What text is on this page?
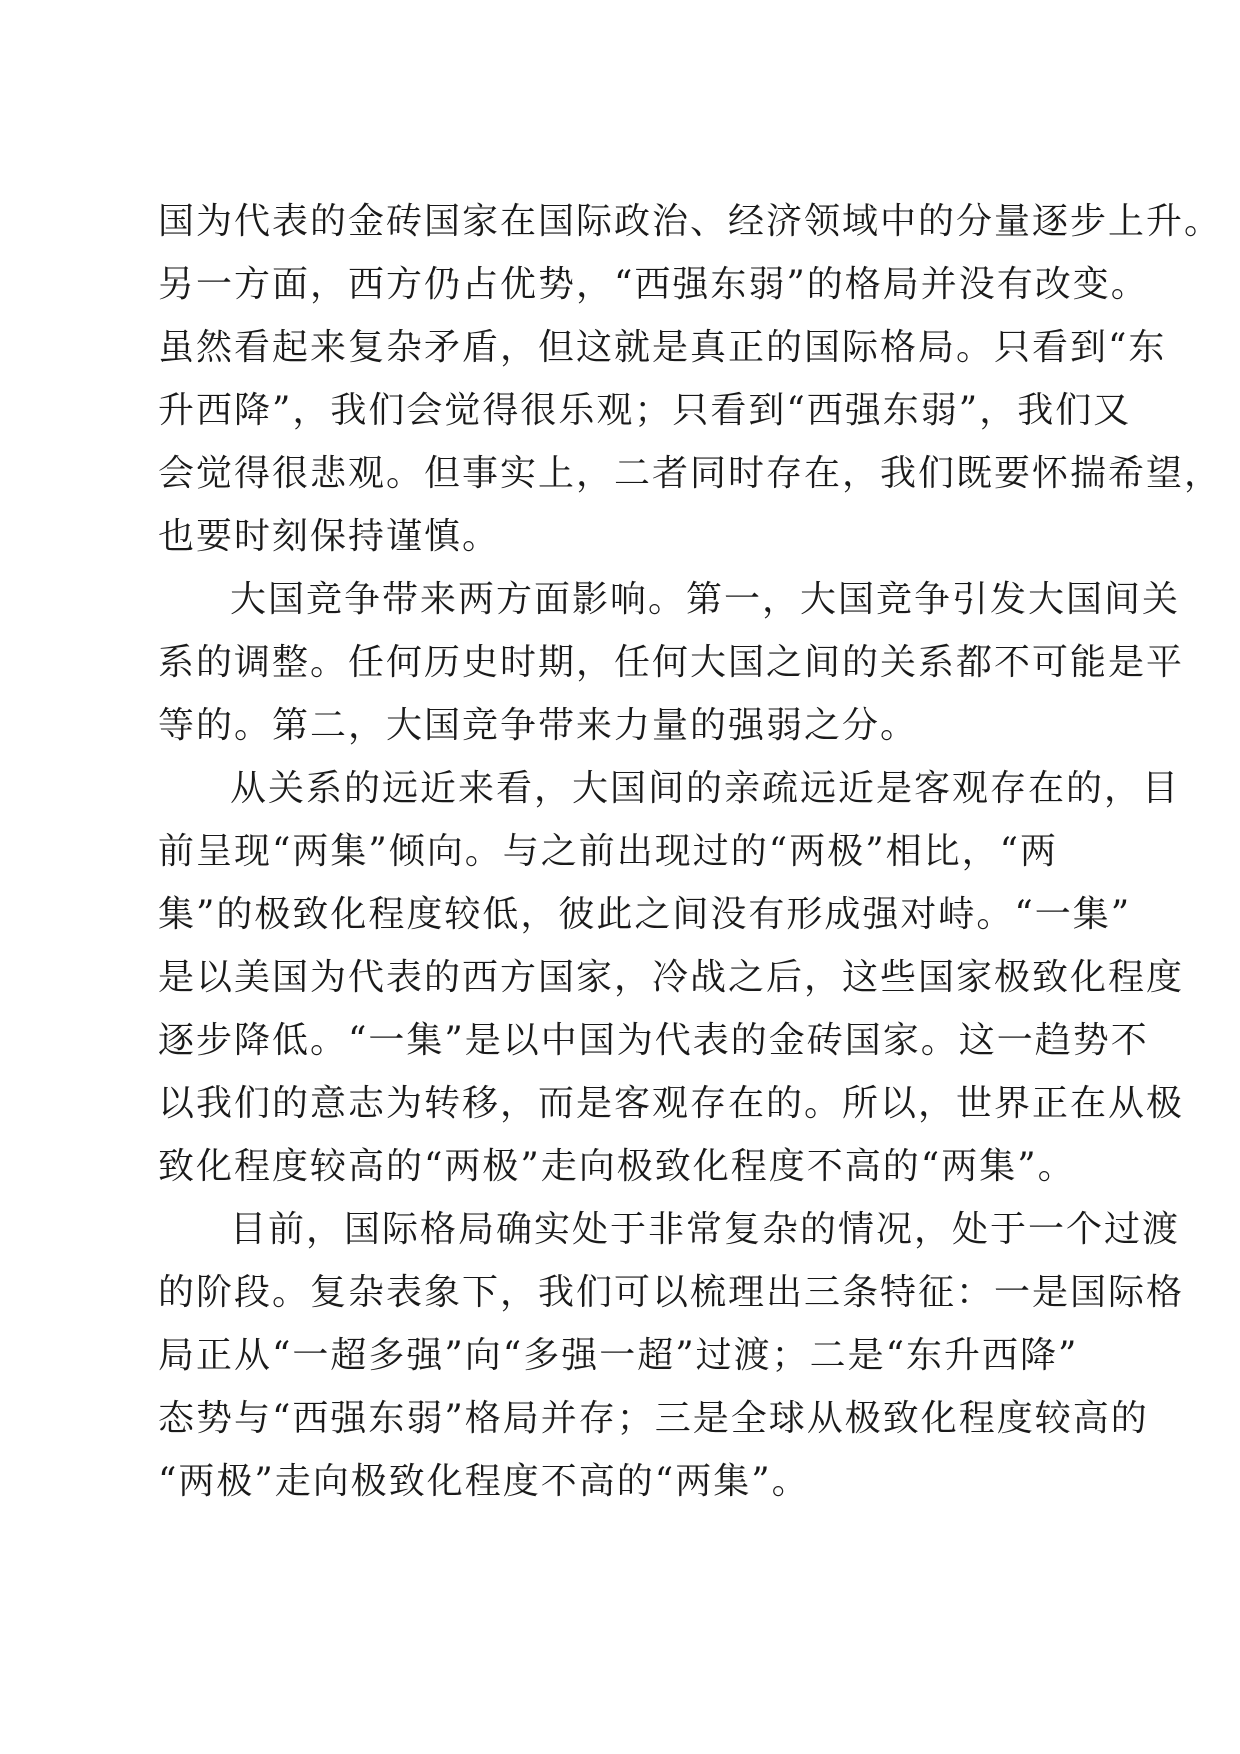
国为代表的金砖国家在国际政治、经济领域中的分量逐步上升。
另一方面，西方仍占优势，“西强东弱”的格局并没有改变。
虽然看起来复杂矛盾，但这就是真正的国际格局。只看到“东
升西降”，我们会觉得很乐观；只看到“西强东弱”，我们又
会觉得很悲观。但事实上，二者同时存在，我们既要怀揣希望，
也要时刻保持谨慎。
大国竞争带来两方面影响。第一，大国竞争引发大国间关
系的调整。任何历史时期，任何大国之间的关系都不可能是平
等的。第二，大国竞争带来力量的强弱之分。
从关系的远近来看，大国间的亲疏远近是客观存在的，目
前呈现“两集”倾向。与之前出现过的“两极”相比，“两
集”的极致化程度较低，彼此之间没有形成强对峙。“一集”
是以美国为代表的西方国家，冷战之后，这些国家极致化程度
逐步降低。“一集”是以中国为代表的金砖国家。这一趋势不
以我们的意志为转移，而是客观存在的。所以，世界正在从极
致化程度较高的“两极”走向极致化程度不高的“两集”。
目前，国际格局确实处于非常复杂的情况，处于一个过渡
的阶段。复杂表象下，我们可以梳理出三条特征：一是国际格
局正从“一超多强”向“多强一超”过渡；二是“东升西降”
态势与“西强东弱”格局并存；三是全球从极致化程度较高的
“两极”走向极致化程度不高的“两集”。
